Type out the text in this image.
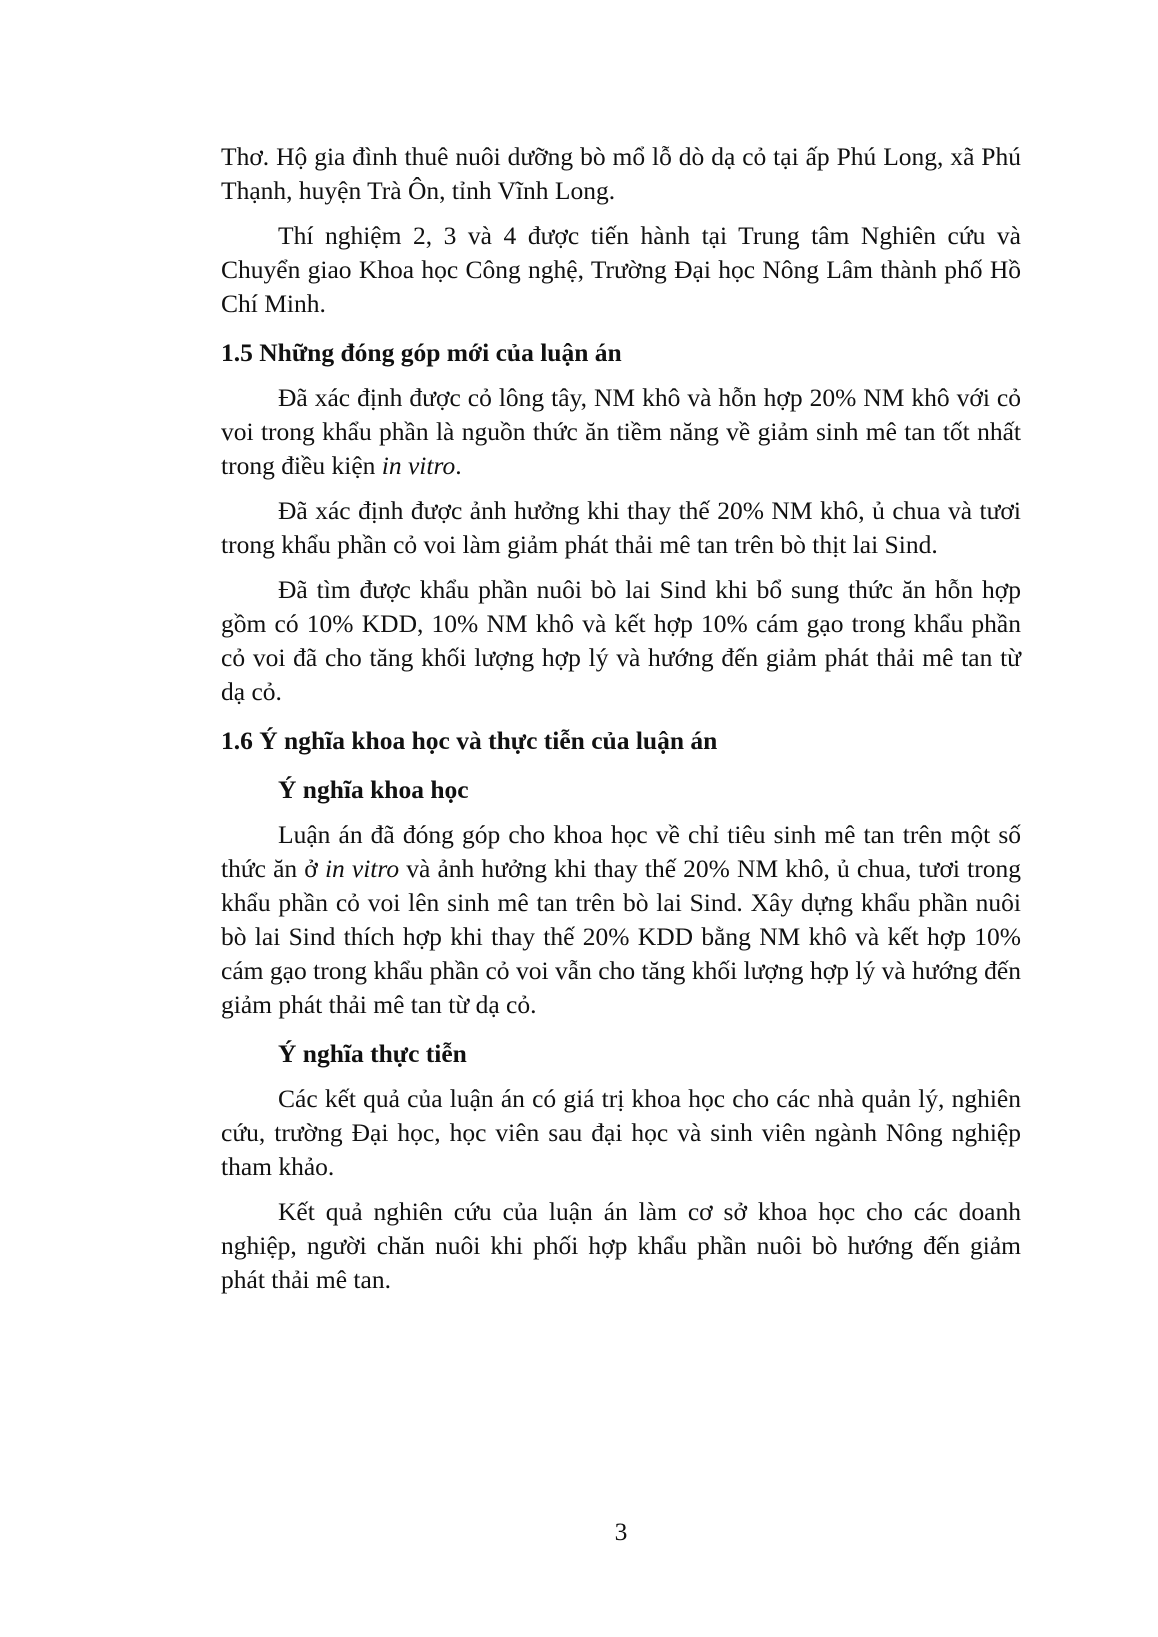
Thơ. Hộ gia đình thuê nuôi dưỡng bò mổ lỗ dò dạ cỏ tại ấp Phú Long, xã Phú Thạnh, huyện Trà Ôn, tỉnh Vĩnh Long.

Thí nghiệm 2, 3 và 4 được tiến hành tại Trung tâm Nghiên cứu và Chuyển giao Khoa học Công nghệ, Trường Đại học Nông Lâm thành phố Hồ Chí Minh.

1.5 Những đóng góp mới của luận án

Đã xác định được cỏ lông tây, NM khô và hỗn hợp 20% NM khô với cỏ voi trong khẩu phần là nguồn thức ăn tiềm năng về giảm sinh mê tan tốt nhất trong điều kiện in vitro.

Đã xác định được ảnh hưởng khi thay thế 20% NM khô, ủ chua và tươi trong khẩu phần cỏ voi làm giảm phát thải mê tan trên bò thịt lai Sind.

Đã tìm được khẩu phần nuôi bò lai Sind khi bổ sung thức ăn hỗn hợp gồm có 10% KDD, 10% NM khô và kết hợp 10% cám gạo trong khẩu phần cỏ voi đã cho tăng khối lượng hợp lý và hướng đến giảm phát thải mê tan từ dạ cỏ.

1.6 Ý nghĩa khoa học và thực tiễn của luận án

Ý nghĩa khoa học

Luận án đã đóng góp cho khoa học về chỉ tiêu sinh mê tan trên một số thức ăn ở in vitro và ảnh hưởng khi thay thế 20% NM khô, ủ chua, tươi trong khẩu phần cỏ voi lên sinh mê tan trên bò lai Sind. Xây dựng khẩu phần nuôi bò lai Sind thích hợp khi thay thế 20% KDD bằng NM khô và kết hợp 10% cám gạo trong khẩu phần cỏ voi vẫn cho tăng khối lượng hợp lý và hướng đến giảm phát thải mê tan từ dạ cỏ.

Ý nghĩa thực tiễn

Các kết quả của luận án có giá trị khoa học cho các nhà quản lý, nghiên cứu, trường Đại học, học viên sau đại học và sinh viên ngành Nông nghiệp tham khảo.

Kết quả nghiên cứu của luận án làm cơ sở khoa học cho các doanh nghiệp, người chăn nuôi khi phối hợp khẩu phần nuôi bò hướng đến giảm phát thải mê tan.

3
